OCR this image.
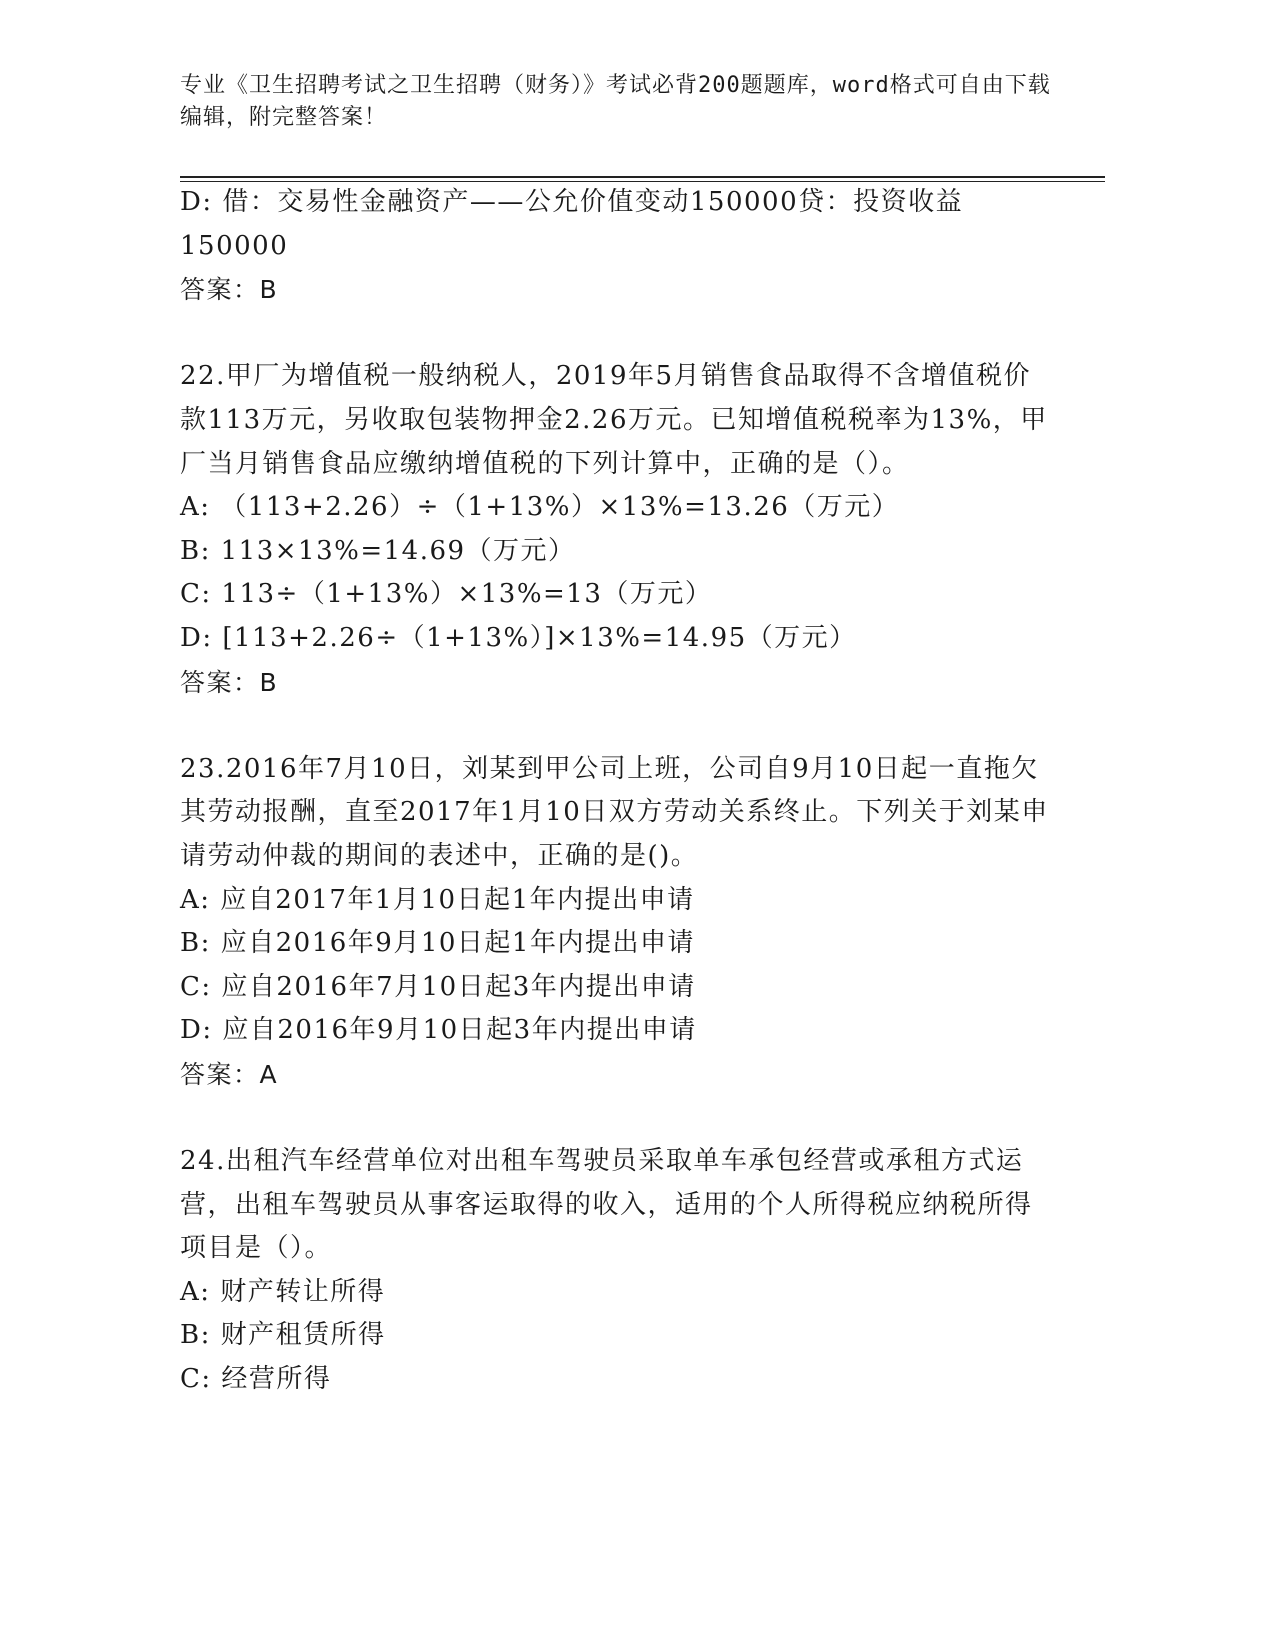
专业《卫生招聘考试之卫生招聘（财务）》考试必背200题题库，word格式可自由下载编辑，附完整答案！

D: 借：交易性金融资产——公允价值变动150000贷：投资收益150000

答案：B

22.甲厂为增值税一般纳税人，2019年5月销售食品取得不含增值税价款113万元，另收取包装物押金2.26万元。已知增值税税率为13%，甲厂当月销售食品应缴纳增值税的下列计算中，正确的是（）。

A: （113+2.26）÷（1+13%）×13%=13.26（万元）

B: 113×13%=14.69（万元）

C: 113÷（1+13%）×13%=13（万元）

D: [113+2.26÷（1+13%）]×13%=14.95（万元）

答案：B

23.2016年7月10日，刘某到甲公司上班，公司自9月10日起一直拖欠其劳动报酬，直至2017年1月10日双方劳动关系终止。下列关于刘某申请劳动仲裁的期间的表述中，正确的是()。

A: 应自2017年1月10日起1年内提出申请

B: 应自2016年9月10日起1年内提出申请

C: 应自2016年7月10日起3年内提出申请

D: 应自2016年9月10日起3年内提出申请

答案：A

24.出租汽车经营单位对出租车驾驶员采取单车承包经营或承租方式运营，出租车驾驶员从事客运取得的收入，适用的个人所得税应纳税所得项目是（）。

A: 财产转让所得

B: 财产租赁所得

C: 经营所得
